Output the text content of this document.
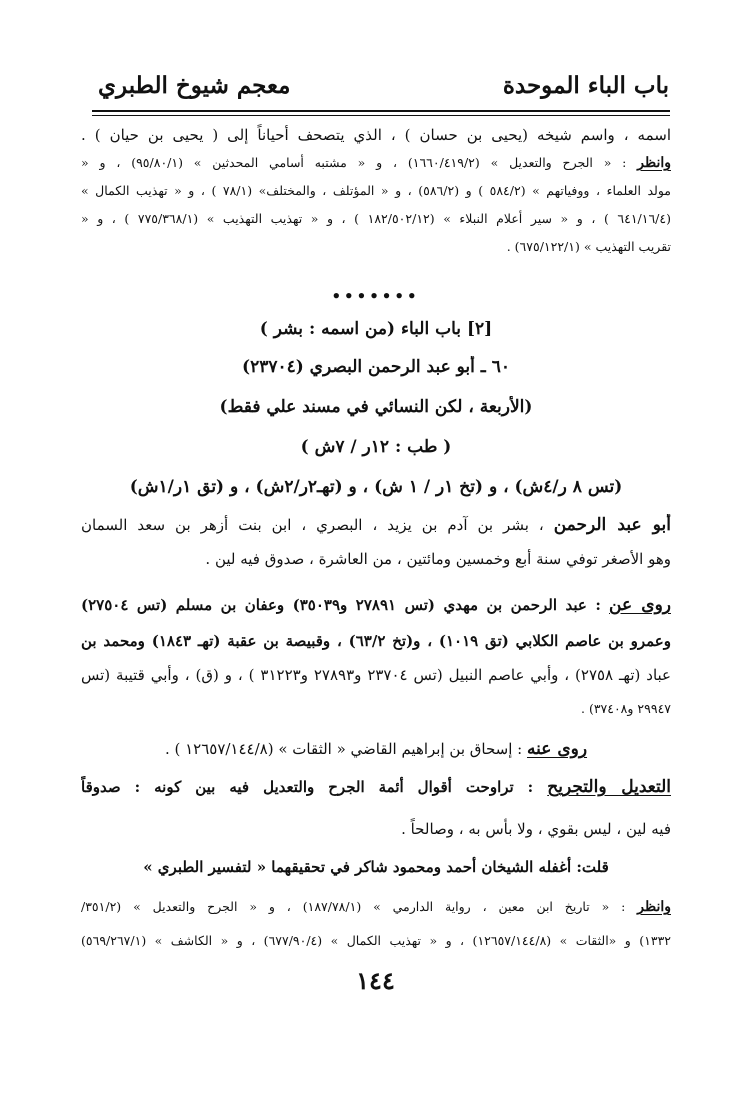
باب الباء الموحدة
معجم شيوخ الطبري
اسمه ، واسم شيخه (يحيى بن حسان ) ، الذي يتصحف أحياناً إلى ( يحيى بن حيان ) .
وانظر : « الجرح والتعديل » (١٦٦٠/٤١٩/٢) ، و « مشتبه أسامي المحدثين » (٩٥/٨٠/١) ، و «
مولد العلماء ، ووفياتهم » (٥٨٤/٢ ) و (٥٨٦/٢) ، و « المؤتلف ، والمختلف» (٧٨/١ ) ، و « تهذيب الكمال »
(٦٤١/١٦/٤ ) ، و « سير أعلام النبلاء » (١٨٢/٥٠٢/١٢ ) ، و « تهذيب التهذيب » (٧٧٥/٣٦٨/١ ) ، و «
تقريب التهذيب » (٦٧٥/١٢٢/١) .
•••••••
[٢] باب الباء (من اسمه : بشر )
٦٠ ـ أبو عبد الرحمن البصري (٢٣٧٠٤)
(الأربعة ، لكن النسائي في مسند علي فقط)
( طب : ١٢ر / ٧ش )
(تس ٨ ر/٤ش) ، و (تخ ١ر / ١ ش) ، و (تهـ٢ر/٢ش) ، و (تق ١ر/١ش)
أبو عبد الرحمن ، بشر بن آدم بن يزيد ، البصري ، ابن بنت أزهر بن سعد السمان
وهو الأصغر توفي سنة أبع وخمسين ومائتين ، من العاشرة ، صدوق فيه لين .
روى عن : عبد الرحمن بن مهدي (تس ٢٧٨٩١ و٣٥٠٣٩) وعفان بن مسلم (تس ٢٧٥٠٤)
وعمرو بن عاصم الكلابي (تق ١٠١٩) ، و(تخ ٦٣/٢) ، وقبيصة بن عقبة (تهـ ١٨٤٣) ومحمد بن
عباد (تهـ ٢٧٥٨) ، وأبي عاصم النبيل (تس ٢٣٧٠٤ و٢٧٨٩٣ و٣١٢٢٣ ) ، و (ق) ، وأبي قتيبة (تس
٢٩٩٤٧ و٣٧٤٠٨) .
روى عنه : إسحاق بن إبراهيم القاضي « الثقات » (١٢٦٥٧/١٤٤/٨ ) .
التعديل والتجريح : تراوحت أقوال أئمة الجرح والتعديل فيه بين كونه : صدوقاً
فيه لين ، ليس بقوي ، ولا بأس به ، وصالحاً .
قلت: أغفله الشيخان أحمد ومحمود شاكر في تحقيقهما « لتفسير الطبري »
وانظر : « تاريخ ابن معين ، رواية الدارمي » (١٨٧/٧٨/١) ، و « الجرح والتعديل » (٣٥١/٢/
١٣٣٢) و «الثقات » (١٢٦٥٧/١٤٤/٨) ، و « تهذيب الكمال » (٦٧٧/٩٠/٤) ، و « الكاشف » (٥٦٩/٢٦٧/١)
١٤٤
